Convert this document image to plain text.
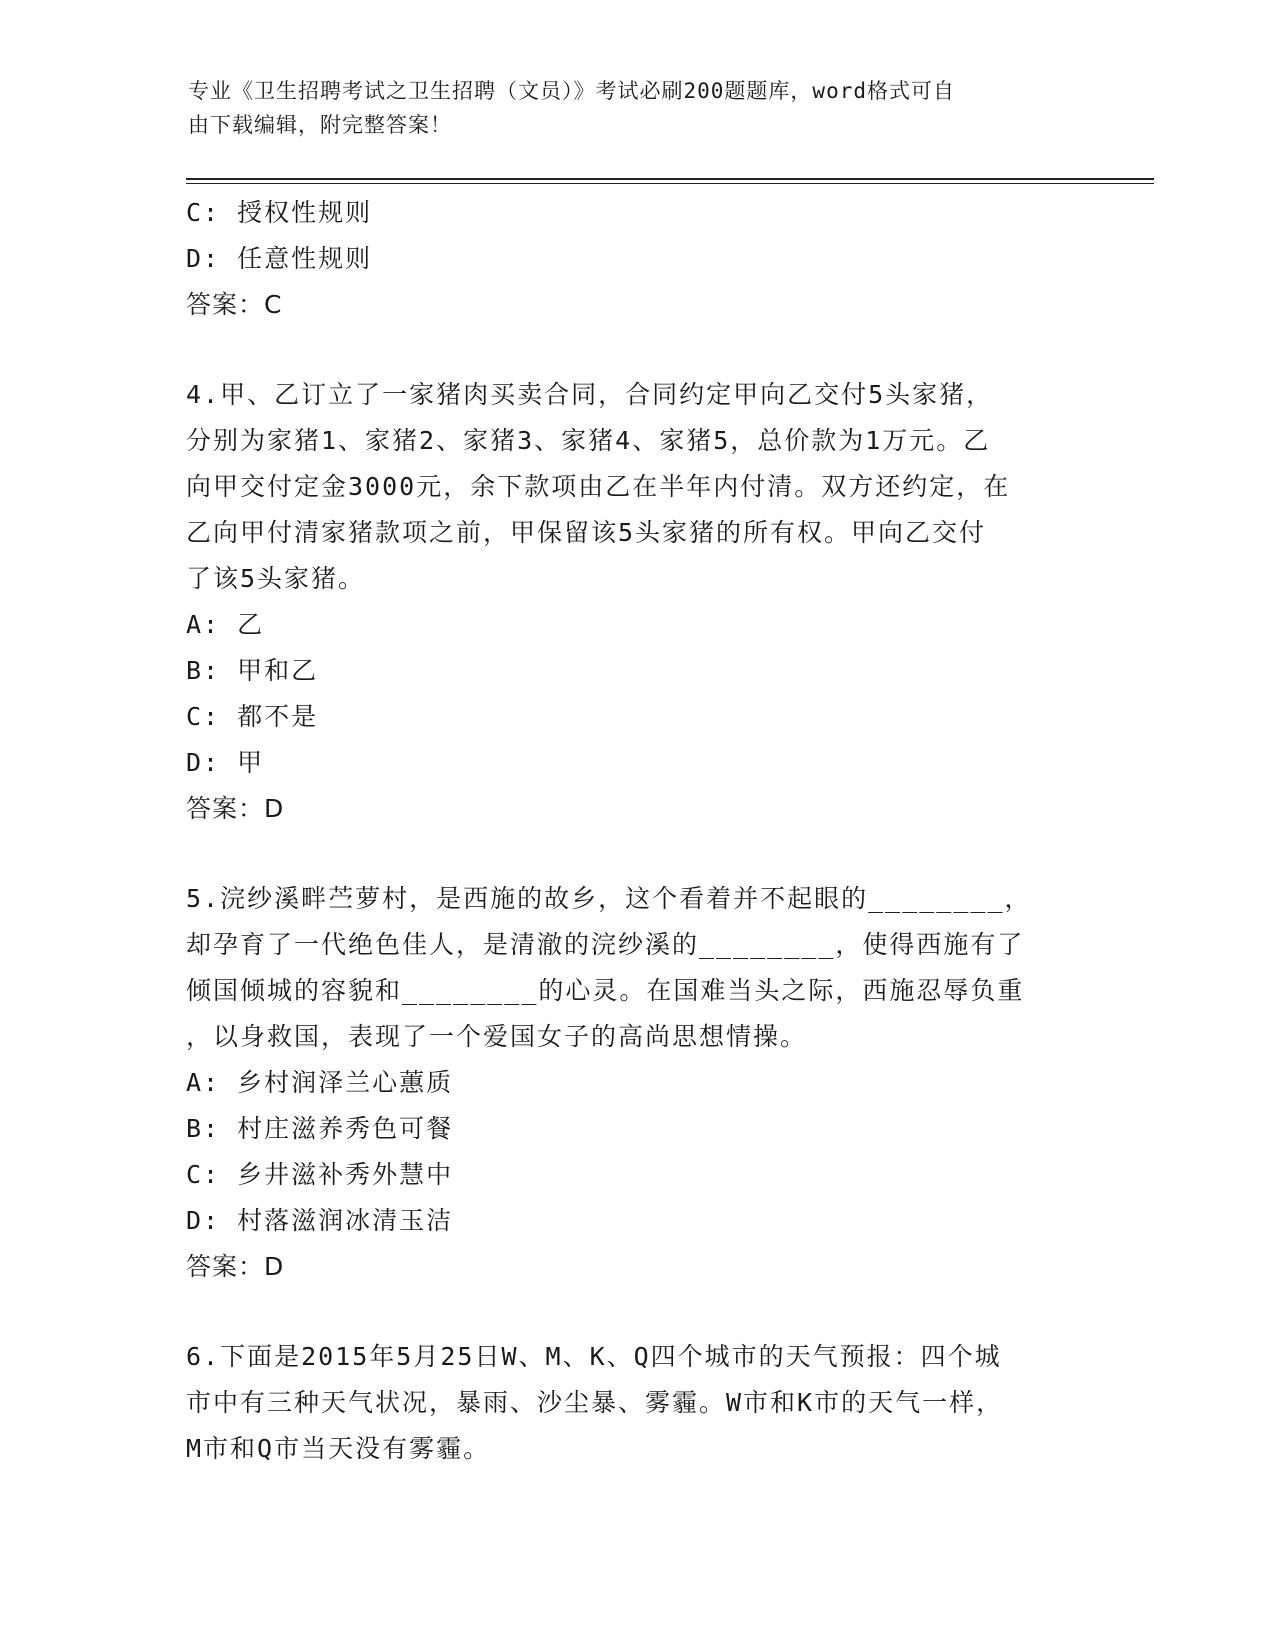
专业《卫生招聘考试之卫生招聘（文员）》考试必刷200题题库，word格式可自
由下载编辑，附完整答案！
C: 授权性规则
D: 任意性规则
答案：C
4.甲、乙订立了一家猪肉买卖合同，合同约定甲向乙交付5头家猪，
分别为家猪1、家猪2、家猪3、家猪4、家猪5，总价款为1万元。乙
向甲交付定金3000元，余下款项由乙在半年内付清。双方还约定，在
乙向甲付清家猪款项之前，甲保留该5头家猪的所有权。甲向乙交付
了该5头家猪。
A: 乙
B: 甲和乙
C: 都不是
D: 甲
答案：D
5.浣纱溪畔苎萝村，是西施的故乡，这个看着并不起眼的________，
却孕育了一代绝色佳人，是清澈的浣纱溪的________，使得西施有了
倾国倾城的容貌和________的心灵。在国难当头之际，西施忍辱负重
，以身救国，表现了一个爱国女子的高尚思想情操。
A: 乡村润泽兰心蕙质
B: 村庄滋养秀色可餐
C: 乡井滋补秀外慧中
D: 村落滋润冰清玉洁
答案：D
6.下面是2015年5月25日W、M、K、Q四个城市的天气预报：四个城
市中有三种天气状况，暴雨、沙尘暴、雾霾。W市和K市的天气一样，
M市和Q市当天没有雾霾。
